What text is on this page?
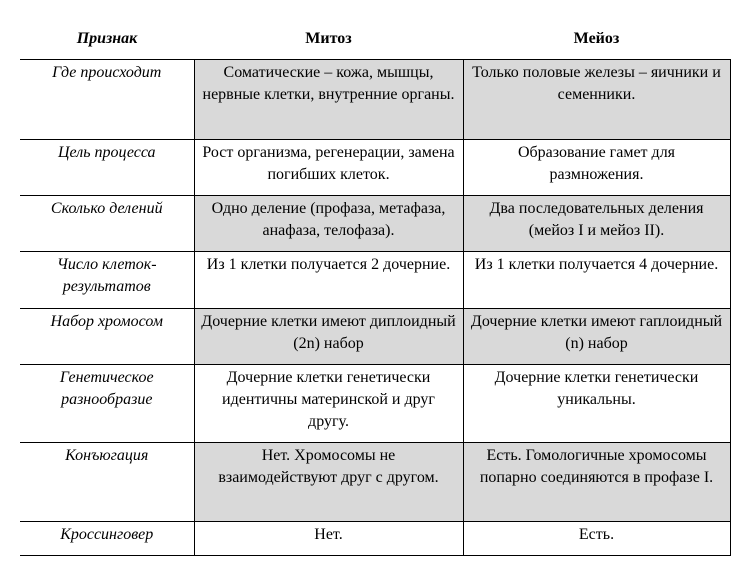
Признак	Митоз	Мейоз
Где происходит	Соматические – кожа, мышцы, нервные клетки, внутренние органы.	Только половые железы – яичники и семенники.
Цель процесса	Рост организма, регенерации, замена погибших клеток.	Образование гамет для размножения.
Сколько делений	Одно деление (профаза, метафаза, анафаза, телофаза).	Два последовательных деления (мейоз I и мейоз II).
Число клеток-результатов	Из 1 клетки получается 2 дочерние.	Из 1 клетки получается 4 дочерние.
Набор хромосом	Дочерние клетки имеют диплоидный (2n) набор	Дочерние клетки имеют гаплоидный (n) набор
Генетическое разнообразие	Дочерние клетки генетически идентичны материнской и друг другу.	Дочерние клетки генетически уникальны.
Конъюгация	Нет. Хромосомы не взаимодействуют друг с другом.	Есть. Гомологичные хромосомы попарно соединяются в профазе I.
Кроссинговер	Нет.	Есть.
